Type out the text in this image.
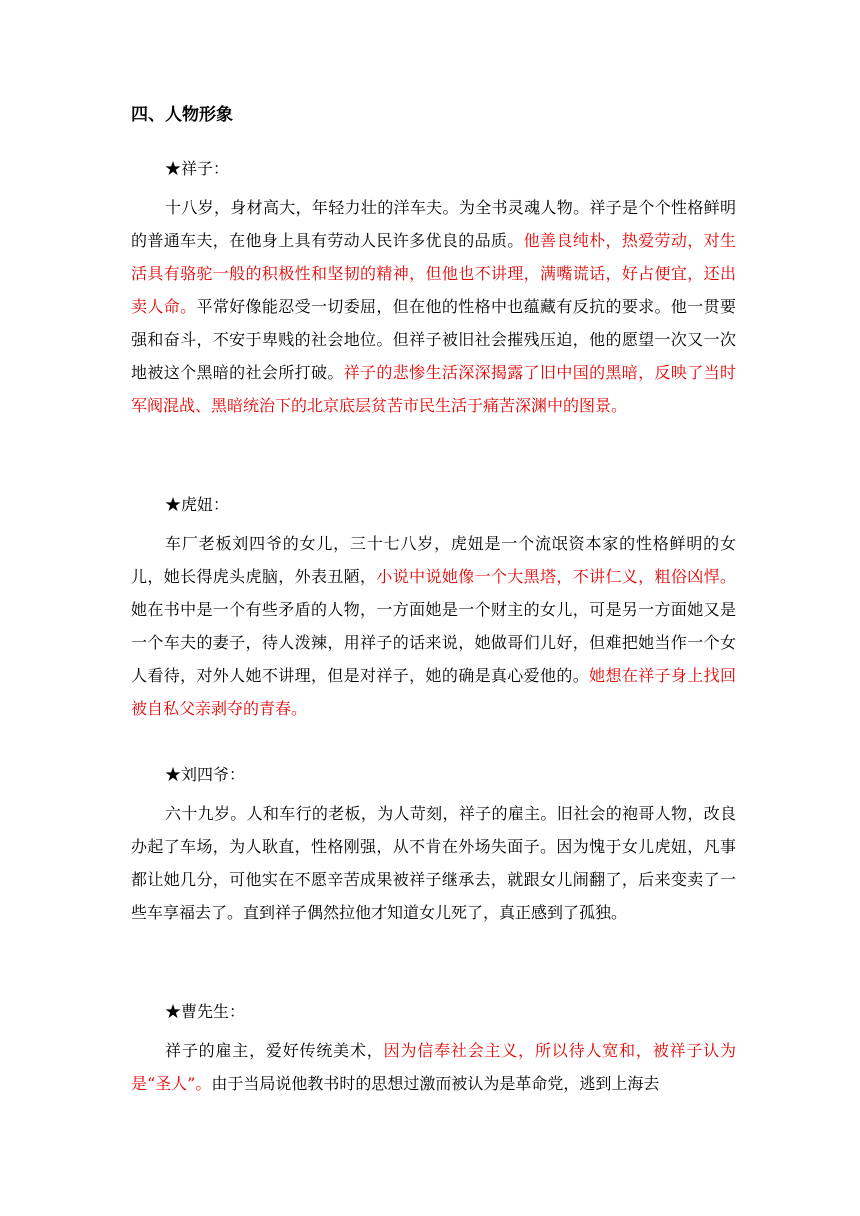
四、人物形象
★祥子：
十八岁，身材高大，年轻力壮的洋车夫。为全书灵魂人物。祥子是个个性格鲜明的普通车夫，在他身上具有劳动人民许多优良的品质。他善良纯朴，热爱劳动，对生活具有骆驼一般的积极性和坚韧的精神，但他也不讲理，满嘴谎话，好占便宜，还出卖人命。平常好像能忍受一切委屈，但在他的性格中也蕴藏有反抗的要求。他一贯要强和奋斗，不安于卑贱的社会地位。但祥子被旧社会摧残压迫，他的愿望一次又一次地被这个黑暗的社会所打破。祥子的悲惨生活深深揭露了旧中国的黑暗，反映了当时军阀混战、黑暗统治下的北京底层贫苦市民生活于痛苦深渊中的图景。
★虎妞：
车厂老板刘四爷的女儿，三十七八岁，虎妞是一个流氓资本家的性格鲜明的女儿，她长得虎头虎脑，外表丑陋，小说中说她像一个大黑塔，不讲仁义，粗俗凶悍。她在书中是一个有些矛盾的人物，一方面她是一个财主的女儿，可是另一方面她又是一个车夫的妻子，待人泼辣，用祥子的话来说，她做哥们儿好，但难把她当作一个女人看待，对外人她不讲理，但是对祥子，她的确是真心爱他的。她想在祥子身上找回被自私父亲剥夺的青春。
★刘四爷：
六十九岁。人和车行的老板，为人苛刻，祥子的雇主。旧社会的袍哥人物，改良办起了车场，为人耿直，性格刚强，从不肯在外场失面子。因为愧于女儿虎妞，凡事都让她几分，可他实在不愿辛苦成果被祥子继承去，就跟女儿闹翻了，后来变卖了一些车享福去了。直到祥子偶然拉他才知道女儿死了，真正感到了孤独。
★曹先生：
祥子的雇主，爱好传统美术，因为信奉社会主义，所以待人宽和，被祥子认为是“圣人”。由于当局说他教书时的思想过激而被认为是革命党，逃到上海去
